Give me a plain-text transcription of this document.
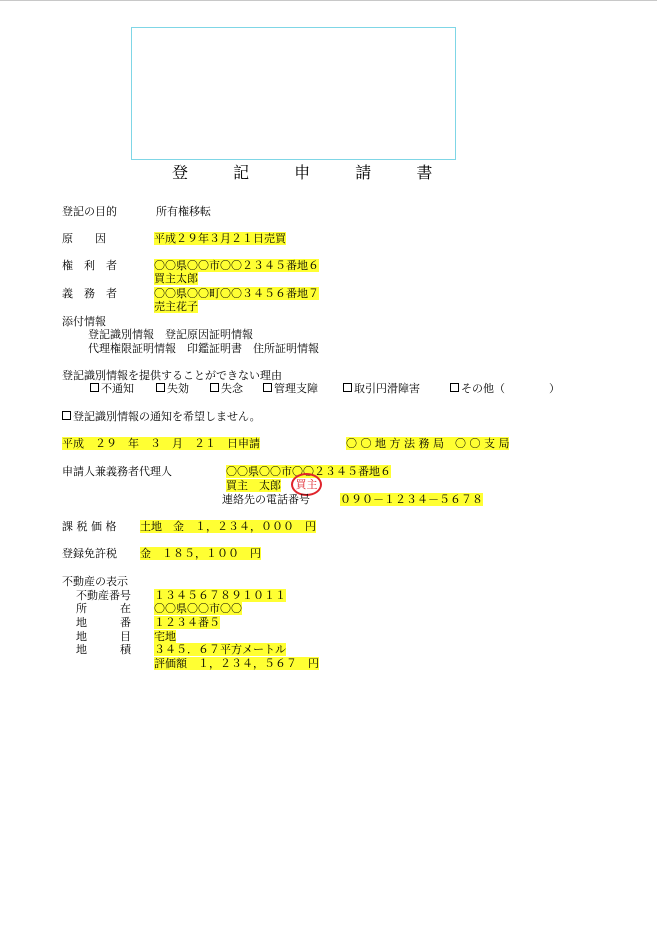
登 記 申 請 書
登記の目的	所有権移転
原　　因	平成２９年３月２１日売買
権　利　者	〇〇県〇〇市〇〇２３４５番地６
買主太郎
義　務　者	〇〇県〇〇町〇〇３４５６番地７
売主花子
添付情報
登記識別情報　登記原因証明情報
代理権限証明情報　印鑑証明書　住所証明情報
登記識別情報を提供することができない理由
不通知	失効	失念	管理支障	取引円滑障害	その他（　　　　）
登記識別情報の通知を希望しません。
平成　２９　年　３　月　２１　日申請	〇 〇 地 方 法 務 局　〇 〇 支 局
申請人兼義務者代理人	〇〇県〇〇市〇〇２３４５番地６
買主　太郎	買主
連絡先の電話番号	０９０－１２３４－５６７８
課 税 価 格 土地　金　１，２３４，０００　円
登録免許税 金　１８５，１００　円
不動産の表示
不動産番号 １３４５６７８９１０１１
所　　　在 〇〇県〇〇市〇〇
地　　　番 １２３４番５
地　　　目 宅地
地　　　積 ３４５．６７平方メートル
評価額　１，２３４，５６７　円
